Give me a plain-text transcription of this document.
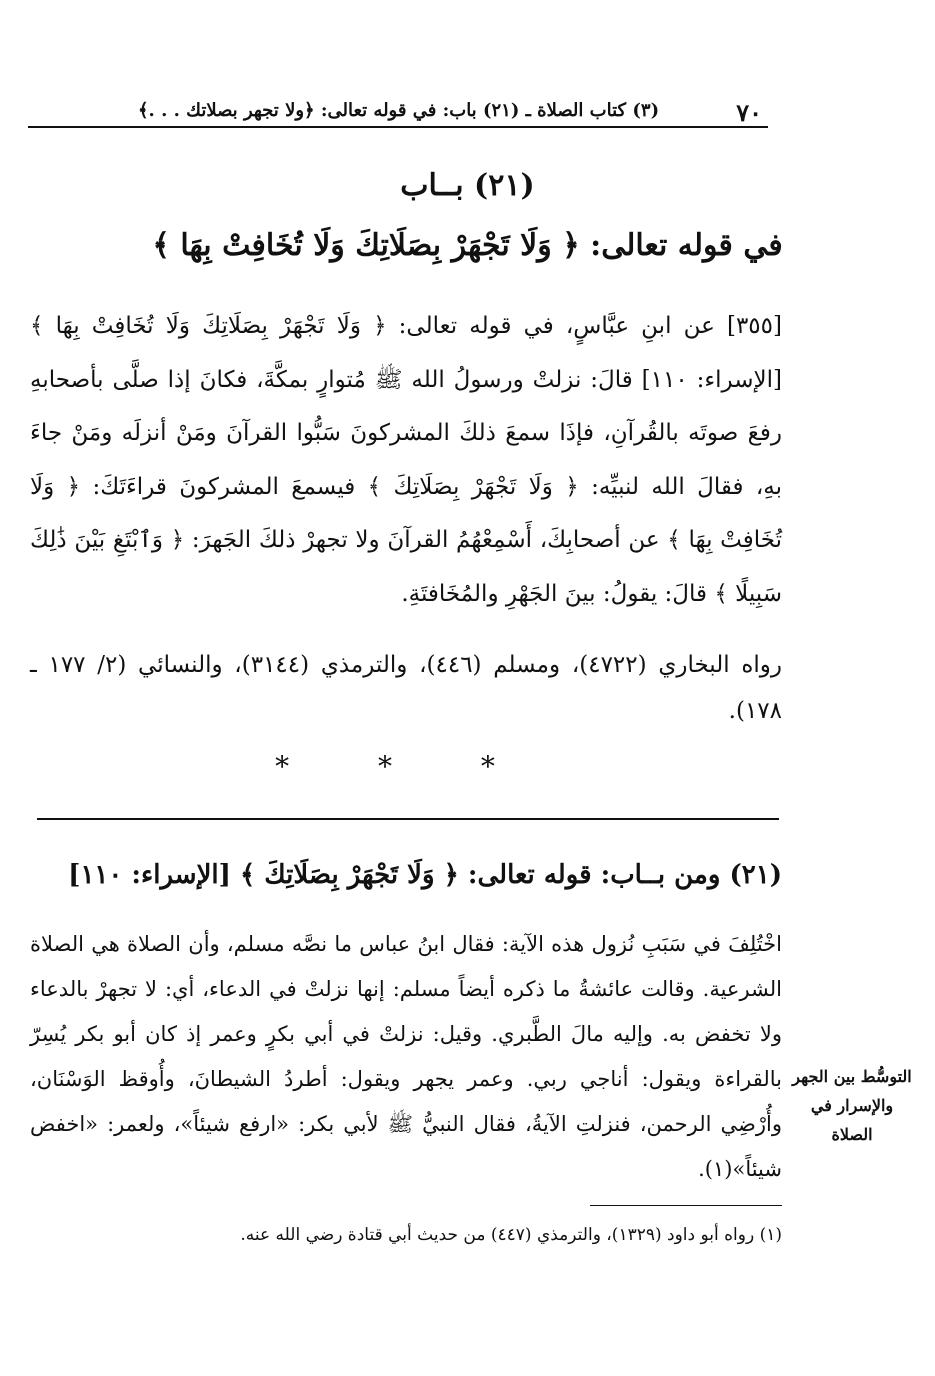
٧٠
(٣) كتاب الصلاة ـ (٢١) باب: في قوله تعالى: ﴿ولا تجهر بصلاتك . . .﴾
(٢١) بــاب
في قوله تعالى: ﴿ وَلَا تَجْهَرْ بِصَلَاتِكَ وَلَا تُخَافِتْ بِهَا ﴾
[٣٥٥] عن ابنِ عبَّاسٍ، في قوله تعالى: ﴿ وَلَا تَجْهَرْ بِصَلَاتِكَ وَلَا تُخَافِتْ بِهَا ﴾ [الإسراء: ١١٠] قالَ: نزلتْ ورسولُ الله ﷺ مُتوارٍ بمكَّةَ، فكانَ إذا صلَّى بأصحابهِ رفعَ صوتَه بالقُرآنِ، فإذَا سمعَ ذلكَ المشركونَ سَبُّوا القرآنَ ومَنْ أنزلَه ومَنْ جاءَ بهِ، فقالَ الله لنبيِّه: ﴿ وَلَا تَجْهَرْ بِصَلَاتِكَ ﴾ فيسمعَ المشركونَ قراءَتَكَ: ﴿ وَلَا تُخَافِتْ بِهَا ﴾ عن أصحابِكَ، أَسْمِعْهُمُ القرآنَ ولا تجهرْ ذلكَ الجَهرَ: ﴿ وَٱبْتَغِ بَيْنَ ذَٰلِكَ سَبِيلًا ﴾ قالَ: يقولُ: بينَ الجَهْرِ والمُخَافتَةِ.
رواه البخاري (٤٧٢٢)، ومسلم (٤٤٦)، والترمذي (٣١٤٤)، والنسائي (٢/ ١٧٧ ـ ١٧٨).
* * *
(٢١) ومن بــاب: قوله تعالى: ﴿ وَلَا تَجْهَرْ بِصَلَاتِكَ ﴾ [الإسراء: ١١٠]
اخْتُلِفَ في سَبَبِ نُزول هذه الآية: فقال ابنُ عباس ما نصَّه مسلم، وأن الصلاة هي الصلاة الشرعية. وقالت عائشةُ ما ذكره أيضاً مسلم: إنها نزلتْ في الدعاء، أي: لا تجهرْ بالدعاء ولا تخفض به. وإليه مالَ الطَّبري. وقيل: نزلتْ في أبي بكرٍ وعمر إذ كان أبو بكر يُسِرّ بالقراءة ويقول: أناجي ربي. وعمر يجهر ويقول: أطردُ الشيطانَ، وأُوقظ الوَسْنَان، وأُرْضِي الرحمن، فنزلتِ الآيةُ، فقال النبيُّ ﷺ لأبي بكر: «ارفع شيئاً»، ولعمر: «اخفض شيئاً»(١).
التوسُّط بين الجهر والإسرار في الصلاة
(١) رواه أبو داود (١٣٢٩)، والترمذي (٤٤٧) من حديث أبي قتادة رضي الله عنه.
